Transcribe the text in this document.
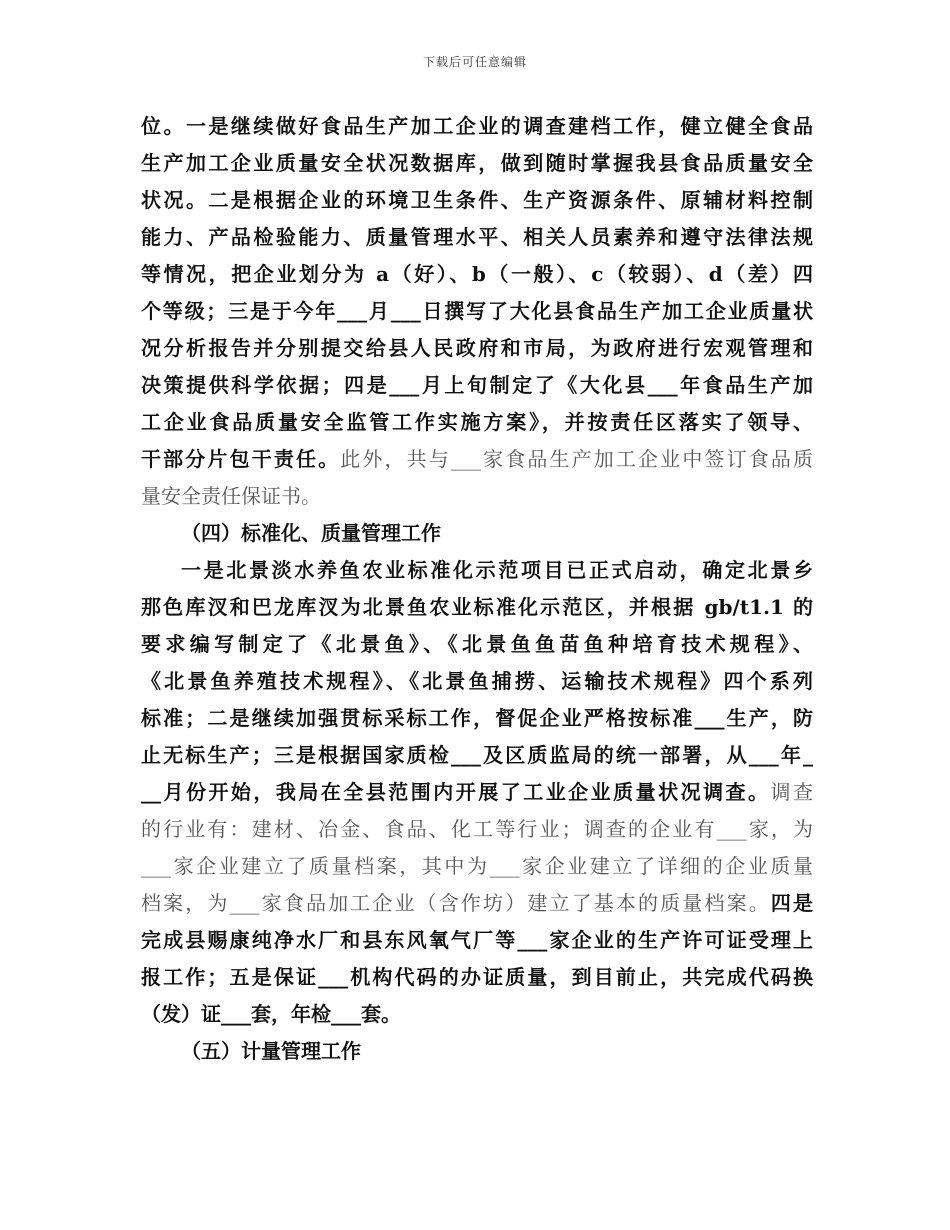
下载后可任意编辑
位。一是继续做好食品生产加工企业的调查建档工作，健立健全食品
生产加工企业质量安全状况数据库，做到随时掌握我县食品质量安全
状况。二是根据企业的环境卫生条件、生产资源条件、原辅材料控制
能力、产品检验能力、质量管理水平、相关人员素养和遵守法律法规
等情况，把企业划分为 a（好）、b（一般）、c（较弱）、d（差）四
个等级；三是于今年___月___日撰写了大化县食品生产加工企业质量状
况分析报告并分别提交给县人民政府和市局，为政府进行宏观管理和
决策提供科学依据；四是___月上旬制定了《大化县___年食品生产加
工企业食品质量安全监管工作实施方案》，并按责任区落实了领导、
干部分片包干责任。此外，共与___家食品生产加工企业中签订食品质
量安全责任保证书。
（四）标准化、质量管理工作
一是北景淡水养鱼农业标准化示范项目已正式启动，确定北景乡
那色库汊和巴龙库汊为北景鱼农业标准化示范区，并根据 gb/t1.1 的
要求编写制定了《北景鱼》、《北景鱼鱼苗鱼种培育技术规程》、
《北景鱼养殖技术规程》、《北景鱼捕捞、运输技术规程》四个系列
标准；二是继续加强贯标采标工作，督促企业严格按标准___生产，防
止无标生产；三是根据国家质检___及区质监局的统一部署，从___年_
__月份开始，我局在全县范围内开展了工业企业质量状况调查。调查
的行业有：建材、冶金、食品、化工等行业；调查的企业有___家，为
___家企业建立了质量档案，其中为___家企业建立了详细的企业质量
档案，为___家食品加工企业（含作坊）建立了基本的质量档案。四是
完成县赐康纯净水厂和县东风氧气厂等___家企业的生产许可证受理上
报工作；五是保证___机构代码的办证质量，到目前止，共完成代码换
（发）证___套，年检___套。
（五）计量管理工作
